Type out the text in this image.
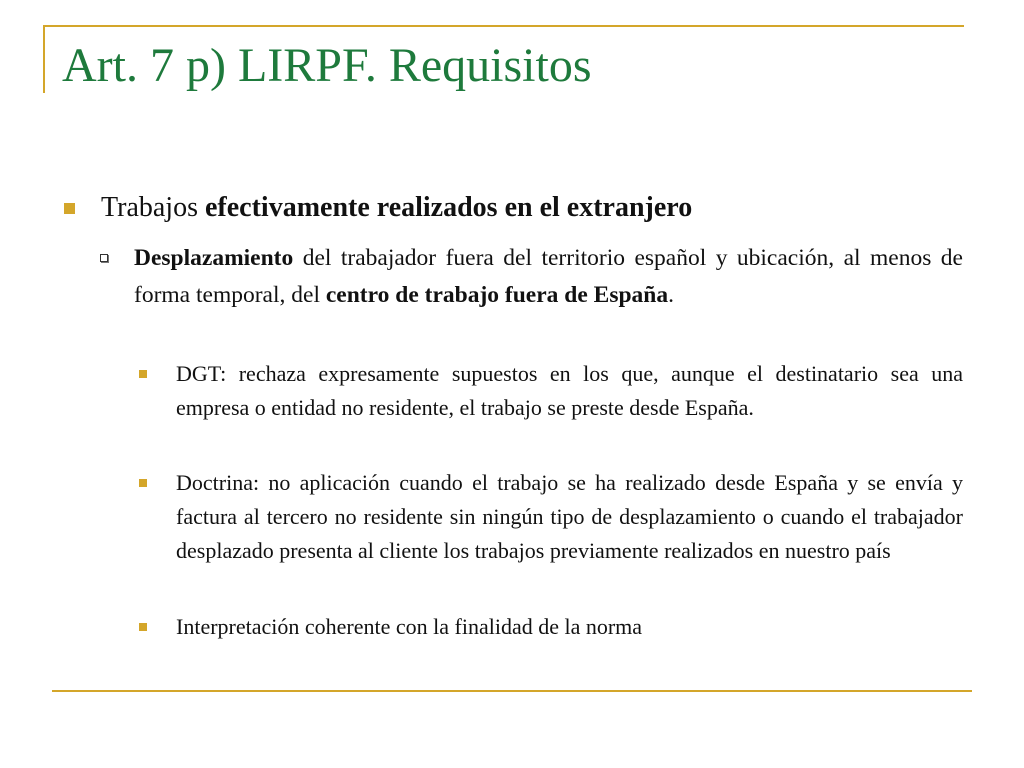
Art. 7 p) LIRPF. Requisitos
Trabajos efectivamente realizados en el extranjero
Desplazamiento del trabajador fuera del territorio español y ubicación, al menos de forma temporal, del centro de trabajo fuera de España.
DGT: rechaza expresamente supuestos en los que, aunque el destinatario sea una empresa o entidad no residente, el trabajo se preste desde España.
Doctrina: no aplicación cuando el trabajo se ha realizado desde España y se envía y factura al tercero no residente sin ningún tipo de desplazamiento o cuando el trabajador desplazado presenta al cliente los trabajos previamente realizados en nuestro país
Interpretación coherente con la finalidad de la norma
